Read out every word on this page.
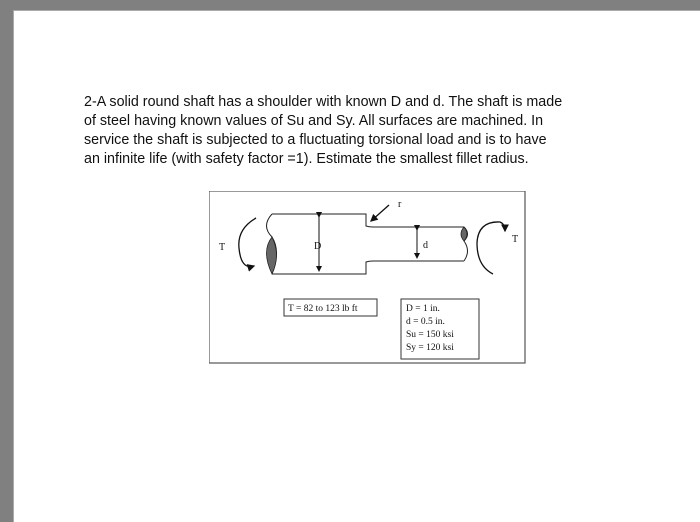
2-A solid round shaft has a shoulder with known D and d. The shaft is made of steel having known values of Su and Sy. All surfaces are machined. In service the shaft is subjected to a fluctuating torsional load and is to have an infinite life (with safety factor =1). Estimate the smallest fillet radius.

D	d
r
T
T
T = 82 to 123 lb ft	D = 1 in.
d = 0.5 in.
Su = 150 ksi
Sy = 120 ksi
